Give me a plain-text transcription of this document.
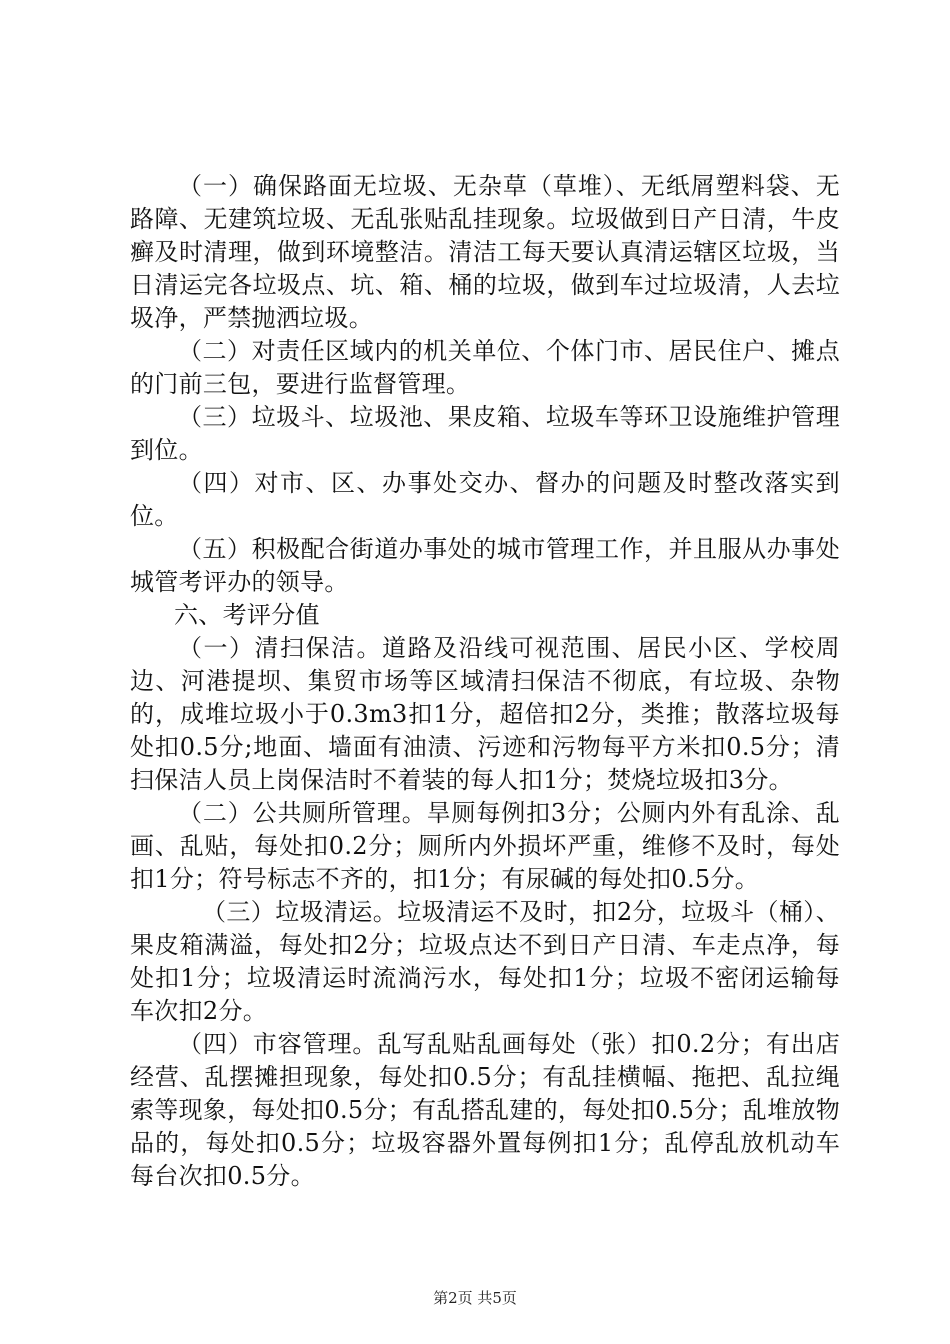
（一）确保路面无垃圾、无杂草（草堆）、无纸屑塑料袋、无路障、无建筑垃圾、无乱张贴乱挂现象。垃圾做到日产日清，牛皮癣及时清理，做到环境整洁。清洁工每天要认真清运辖区垃圾，当日清运完各垃圾点、坑、箱、桶的垃圾，做到车过垃圾清，人去垃圾净，严禁抛洒垃圾。

（二）对责任区域内的机关单位、个体门市、居民住户、摊点的门前三包，要进行监督管理。

（三）垃圾斗、垃圾池、果皮箱、垃圾车等环卫设施维护管理到位。

（四）对市、区、办事处交办、督办的问题及时整改落实到位。

（五）积极配合街道办事处的城市管理工作，并且服从办事处城管考评办的领导。

六、考评分值

（一）清扫保洁。道路及沿线可视范围、居民小区、学校周边、河港提坝、集贸市场等区域清扫保洁不彻底，有垃圾、杂物的，成堆垃圾小于0.3m3扣1分，超倍扣2分，类推；散落垃圾每处扣0.5分;地面、墙面有油渍、污迹和污物每平方米扣0.5分；清扫保洁人员上岗保洁时不着装的每人扣1分；焚烧垃圾扣3分。

（二）公共厕所管理。旱厕每例扣3分；公厕内外有乱涂、乱画、乱贴，每处扣0.2分；厕所内外损坏严重，维修不及时，每处扣1分；符号标志不齐的，扣1分；有尿碱的每处扣0.5分。

（三）垃圾清运。垃圾清运不及时，扣2分，垃圾斗（桶）、果皮箱满溢，每处扣2分；垃圾点达不到日产日清、车走点净，每处扣1分；垃圾清运时流淌污水，每处扣1分；垃圾不密闭运输每车次扣2分。

（四）市容管理。乱写乱贴乱画每处（张）扣0.2分；有出店经营、乱摆摊担现象，每处扣0.5分；有乱挂横幅、拖把、乱拉绳索等现象，每处扣0.5分；有乱搭乱建的，每处扣0.5分；乱堆放物品的，每处扣0.5分；垃圾容器外置每例扣1分；乱停乱放机动车每台次扣0.5分。

第2页 共5页
